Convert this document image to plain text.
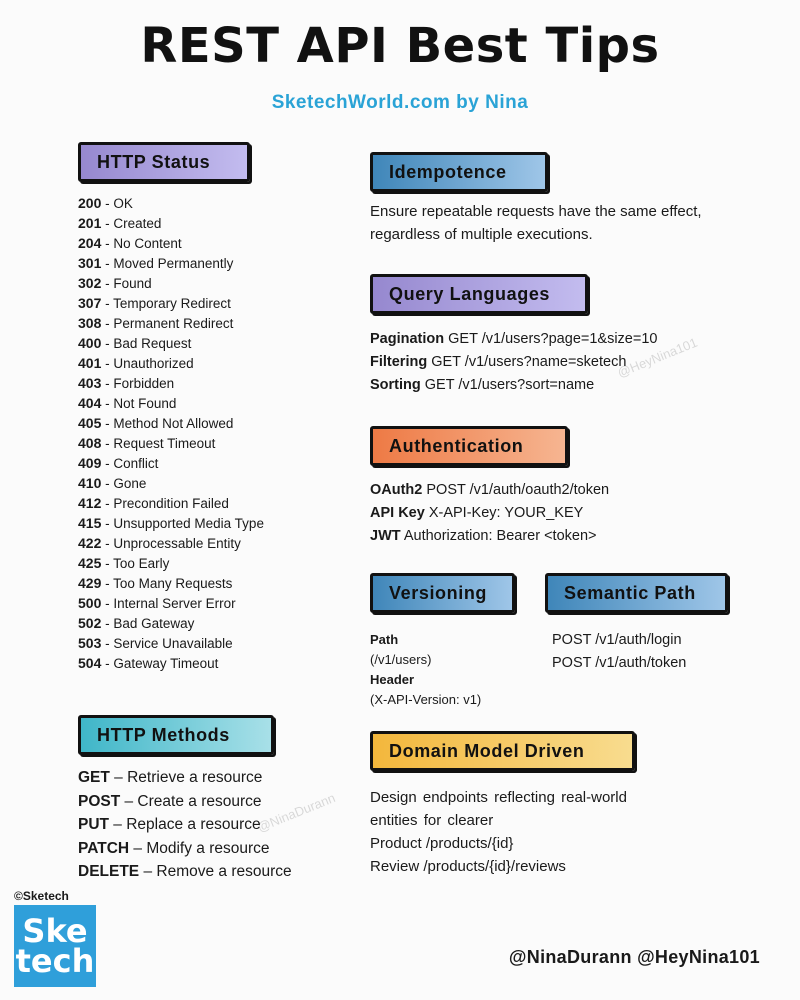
REST API Best Tips
SketechWorld.com by Nina
HTTP Status
200 - OK
201 - Created
204 - No Content
301 - Moved Permanently
302 - Found
307 - Temporary Redirect
308 - Permanent Redirect
400 - Bad Request
401 - Unauthorized
403 - Forbidden
404 - Not Found
405 - Method Not Allowed
408 - Request Timeout
409 - Conflict
410 - Gone
412 - Precondition Failed
415 - Unsupported Media Type
422 - Unprocessable Entity
425 - Too Early
429 - Too Many Requests
500 - Internal Server Error
502 - Bad Gateway
503 - Service Unavailable
504 - Gateway Timeout
Idempotence
Ensure repeatable requests have the same effect, regardless of multiple executions.
Query Languages
Pagination GET /v1/users?page=1&size=10
Filtering GET /v1/users?name=sketech
Sorting GET /v1/users?sort=name
Authentication
OAuth2 POST /v1/auth/oauth2/token
API Key X-API-Key: YOUR_KEY
JWT Authorization: Bearer <token>
Versioning
Path
(/v1/users)
Header
(X-API-Version: v1)
Semantic Path
POST /v1/auth/login
POST /v1/auth/token
HTTP Methods
GET – Retrieve a resource
POST – Create a resource
PUT – Replace a resource
PATCH – Modify a resource
DELETE – Remove a resource
Domain Model Driven
Design endpoints reflecting real-world
entities for clearer
Product /products/{id}
Review /products/{id}/reviews
@HeyNina101
@NinaDurann
©Sketech
Ske
tech	@NinaDurann @HeyNina101
